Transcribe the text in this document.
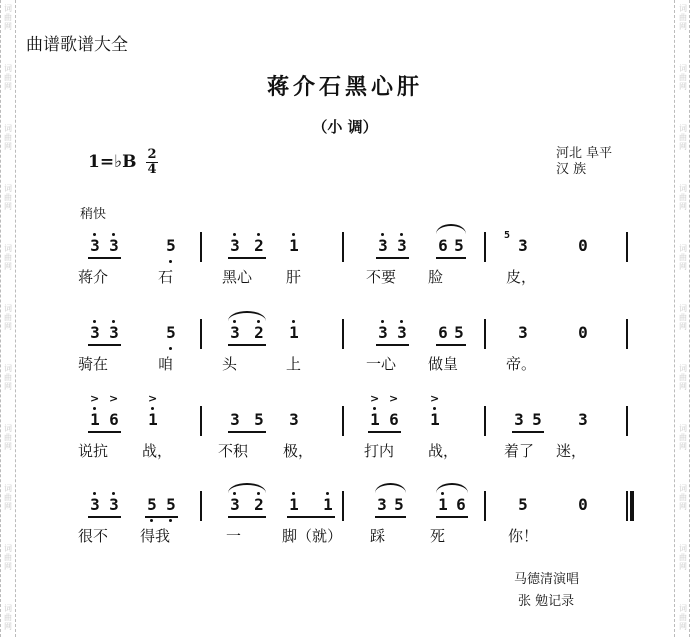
词
曲
网
词
曲
网
词
曲
网
词
曲
网
词
曲
网
词
曲
网
词
曲
网
词
曲
网
词
曲
网
词
曲
网
词
曲
网
词
曲
网
词
曲
网
词
曲
网
词
曲
网
词
曲
网
词
曲
网
词
曲
网
词
曲
网
词
曲
网
词
曲
网
词
曲
网
曲谱歌谱大全
蒋介石黑心肝
（小 调）
1=♭B 2
4
河北 阜平
汉 族
稍快
3 3	5	3 2 1	3 3 6 5	3	0
蒋介	石	黑心 肝	不要 脸	皮，
5
3 3	5	3 2 1	3 3 6 5	3	0
骑在	咱	头	上	一心 做皇	帝。
1
>
6
>
1
>
3 5 3	1
>
6
>
1
>
3 5 3
说抗 战，	不积 极，	打内 战，	着了 迷，
3 3 5 5	3 2 1 1	3 5 1 6	5	0
很不 得我	一	脚（就） 踩	死	你！
马德清演唱
张 勉记录
